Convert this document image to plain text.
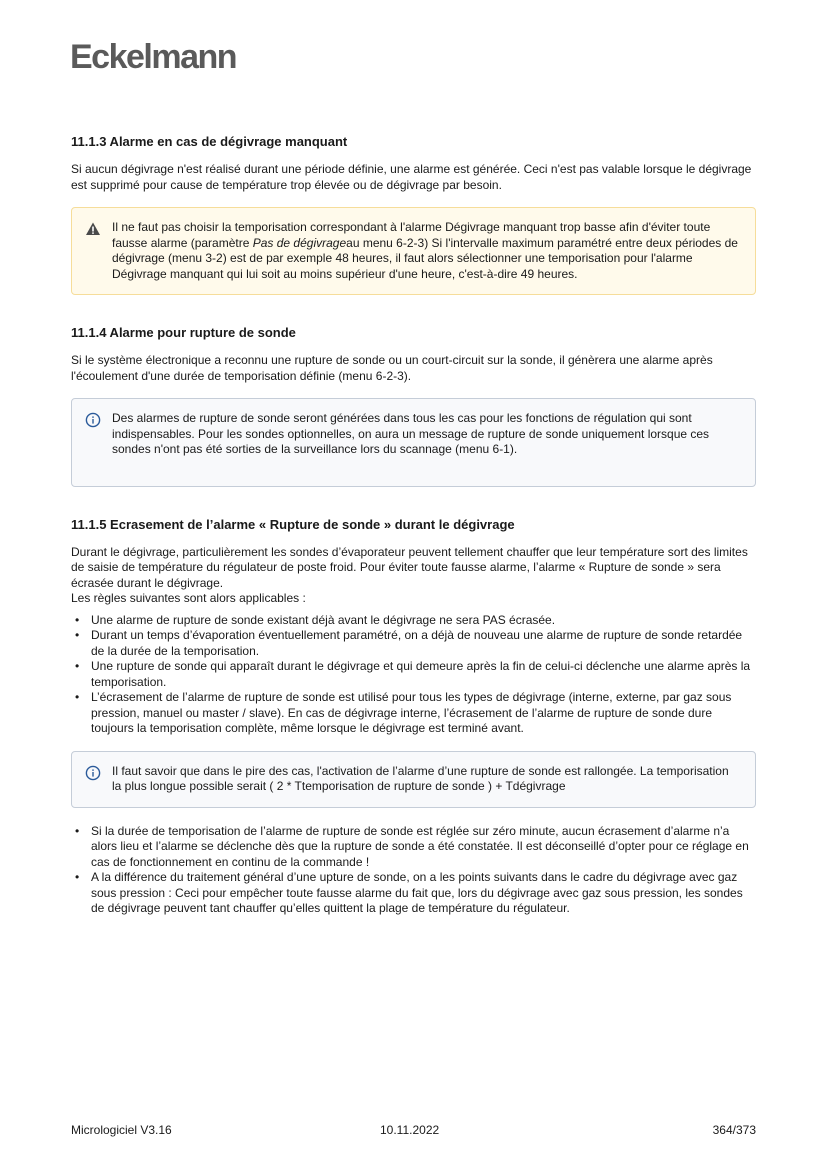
Eckelmann
11.1.3 Alarme en cas de dégivrage manquant

Si aucun dégivrage n'est réalisé durant une période définie, une alarme est générée. Ceci n'est pas valable lorsque le dégivrage est supprimé pour cause de température trop élevée ou de dégivrage par besoin.

Il ne faut pas choisir la temporisation correspondant à l'alarme Dégivrage manquant trop basse afin d'éviter toute fausse alarme (paramètre Pas de dégivrageau menu 6-2-3) Si l'intervalle maximum paramétré entre deux périodes de dégivrage (menu 3-2) est de par exemple 48 heures, il faut alors sélectionner une temporisation pour l'alarme Dégivrage manquant qui lui soit au moins supérieur d'une heure, c'est-à-dire 49 heures.
11.1.4 Alarme pour rupture de sonde

Si le système électronique a reconnu une rupture de sonde ou un court-circuit sur la sonde, il génèrera une alarme après l'écoulement d'une durée de temporisation définie (menu 6-2-3).

Des alarmes de rupture de sonde seront générées dans tous les cas pour les fonctions de régulation qui sont indispensables. Pour les sondes optionnelles, on aura un message de rupture de sonde uniquement lorsque ces sondes n'ont pas été sorties de la surveillance lors du scannage (menu 6-1).
11.1.5 Ecrasement de l’alarme « Rupture de sonde » durant le dégivrage

Durant le dégivrage, particulièrement les sondes d’évaporateur peuvent tellement chauffer que leur température sort des limites de saisie de température du régulateur de poste froid. Pour éviter toute fausse alarme, l’alarme « Rupture de sonde » sera écrasée durant le dégivrage.

Les règles suivantes sont alors applicables :

• Une alarme de rupture de sonde existant déjà avant le dégivrage ne sera PAS écrasée.
• Durant un temps d’évaporation éventuellement paramétré, on a déjà de nouveau une alarme de rupture de sonde retardée de la durée de la temporisation.
• Une rupture de sonde qui apparaît durant le dégivrage et qui demeure après la fin de celui-ci déclenche une alarme après la temporisation.
• L’écrasement de l’alarme de rupture de sonde est utilisé pour tous les types de dégivrage (interne, externe, par gaz sous pression, manuel ou master / slave). En cas de dégivrage interne, l’écrasement de l’alarme de rupture de sonde dure toujours la temporisation complète, même lorsque le dégivrage est terminé avant.
Il faut savoir que dans le pire des cas, l'activation de l’alarme d’une rupture de sonde est rallongée. La temporisation la plus longue possible serait ( 2 * Ttemporisation de rupture de sonde ) + Tdégivrage
• Si la durée de temporisation de l’alarme de rupture de sonde est réglée sur zéro minute, aucun écrasement d’alarme n’a alors lieu et l’alarme se déclenche dès que la rupture de sonde a été constatée. Il est déconseillé d’opter pour ce réglage en cas de fonctionnement en continu de la commande !
• A la différence du traitement général d’une upture de sonde, on a les points suivants dans le cadre du dégivrage avec gaz sous pression : Ceci pour empêcher toute fausse alarme du fait que, lors du dégivrage avec gaz sous pression, les sondes de dégivrage peuvent tant chauffer qu’elles quittent la plage de température du régulateur.
Micrologiciel V3.16	10.11.2022	364/373
